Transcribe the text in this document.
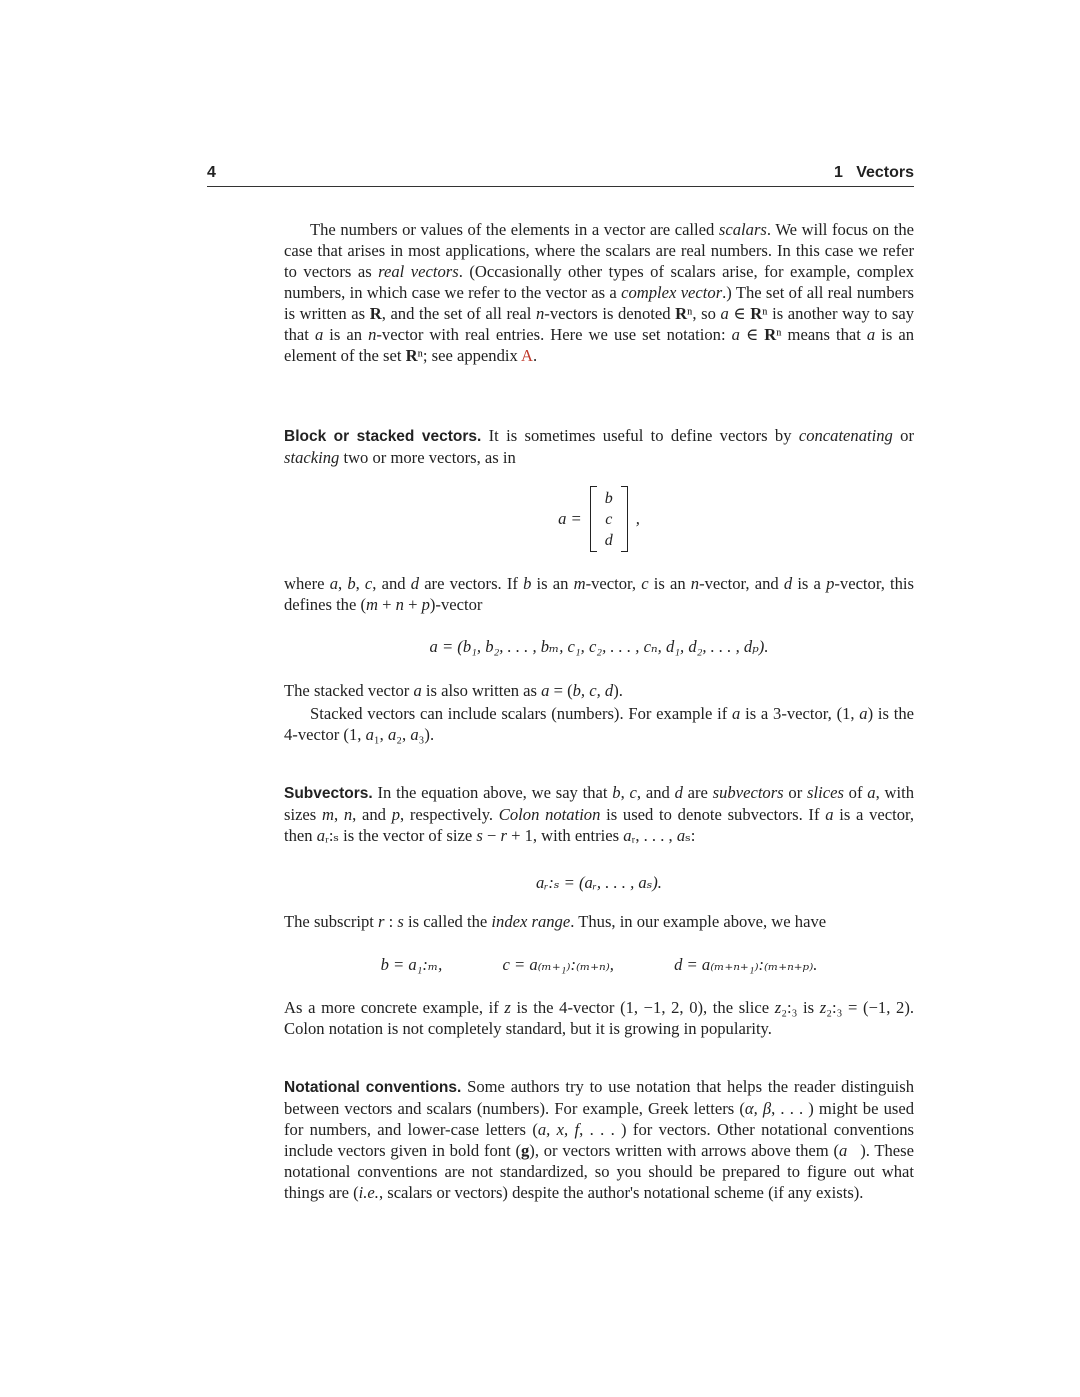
4	1   Vectors
The numbers or values of the elements in a vector are called scalars. We will focus on the case that arises in most applications, where the scalars are real numbers. In this case we refer to vectors as real vectors. (Occasionally other types of scalars arise, for example, complex numbers, in which case we refer to the vector as a complex vector.) The set of all real numbers is written as R, and the set of all real n-vectors is denoted Rⁿ, so a ∈ Rⁿ is another way to say that a is an n-vector with real entries. Here we use set notation: a ∈ Rⁿ means that a is an element of the set Rⁿ; see appendix A.
Block or stacked vectors. It is sometimes useful to define vectors by concatenating or stacking two or more vectors, as in
a =
b
c
d
,
where a, b, c, and d are vectors. If b is an m-vector, c is an n-vector, and d is a p-vector, this defines the (m + n + p)-vector
a = (b₁, b₂, . . . , bₘ, c₁, c₂, . . . , cₙ, d₁, d₂, . . . , dₚ).
The stacked vector a is also written as a = (b, c, d).
Stacked vectors can include scalars (numbers). For example if a is a 3-vector, (1, a) is the 4-vector (1, a₁, a₂, a₃).
Subvectors. In the equation above, we say that b, c, and d are subvectors or slices of a, with sizes m, n, and p, respectively. Colon notation is used to denote subvectors. If a is a vector, then aᵣ:ₛ is the vector of size s − r + 1, with entries aᵣ, . . . , aₛ:
aᵣ:ₛ = (aᵣ, . . . , aₛ).
The subscript r : s is called the index range. Thus, in our example above, we have
b = a₁:ₘ,	c = a₍ₘ₊₁₎:₍ₘ₊ₙ₎,	d = a₍ₘ₊ₙ₊₁₎:₍ₘ₊ₙ₊ₚ₎.
As a more concrete example, if z is the 4-vector (1, −1, 2, 0), the slice z₂:₃ is z₂:₃ = (−1, 2). Colon notation is not completely standard, but it is growing in popularity.
Notational conventions. Some authors try to use notation that helps the reader distinguish between vectors and scalars (numbers). For example, Greek letters (α, β, . . . ) might be used for numbers, and lower-case letters (a, x, f, . . . ) for vectors. Other notational conventions include vectors given in bold font (g), or vectors written with arrows above them (a⃗). These notational conventions are not standardized, so you should be prepared to figure out what things are (i.e., scalars or vectors) despite the author's notational scheme (if any exists).
